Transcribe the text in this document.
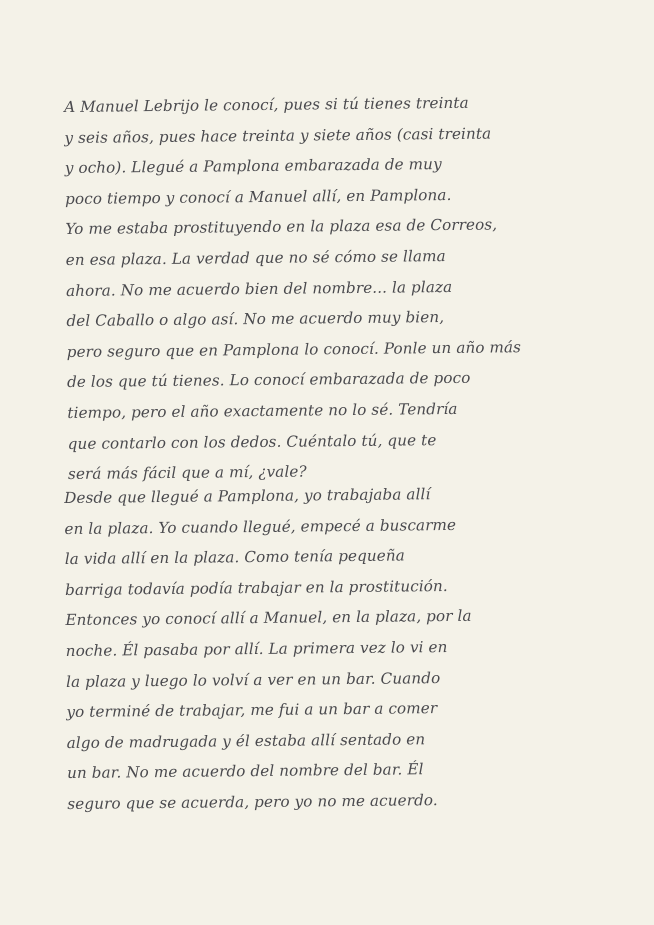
A Manuel Lebrijo le conocí, pues si tú tienes treinta
y seis años, pues hace treinta y siete años (casi treinta
y ocho). Llegué a Pamplona embarazada de muy
poco tiempo y conocí a Manuel allí, en Pamplona.
Yo me estaba prostituyendo en la plaza esa de Correos,
en esa plaza. La verdad que no sé cómo se llama
ahora. No me acuerdo bien del nombre... la plaza
del Caballo o algo así. No me acuerdo muy bien,
pero seguro que en Pamplona lo conocí. Ponle un año más
de los que tú tienes. Lo conocí embarazada de poco
tiempo, pero el año exactamente no lo sé. Tendría
que contarlo con los dedos. Cuéntalo tú, que te
será más fácil que a mí, ¿vale?
Desde que llegué a Pamplona, yo trabajaba allí
en la plaza. Yo cuando llegué, empecé a buscarme
la vida allí en la plaza. Como tenía pequeña
barriga todavía podía trabajar en la prostitución.
Entonces yo conocí allí a Manuel, en la plaza, por la
noche. Él pasaba por allí. La primera vez lo vi en
la plaza y luego lo volví a ver en un bar. Cuando
yo terminé de trabajar, me fui a un bar a comer
algo de madrugada y él estaba allí sentado en
un bar. No me acuerdo del nombre del bar. Él
seguro que se acuerda, pero yo no me acuerdo.
